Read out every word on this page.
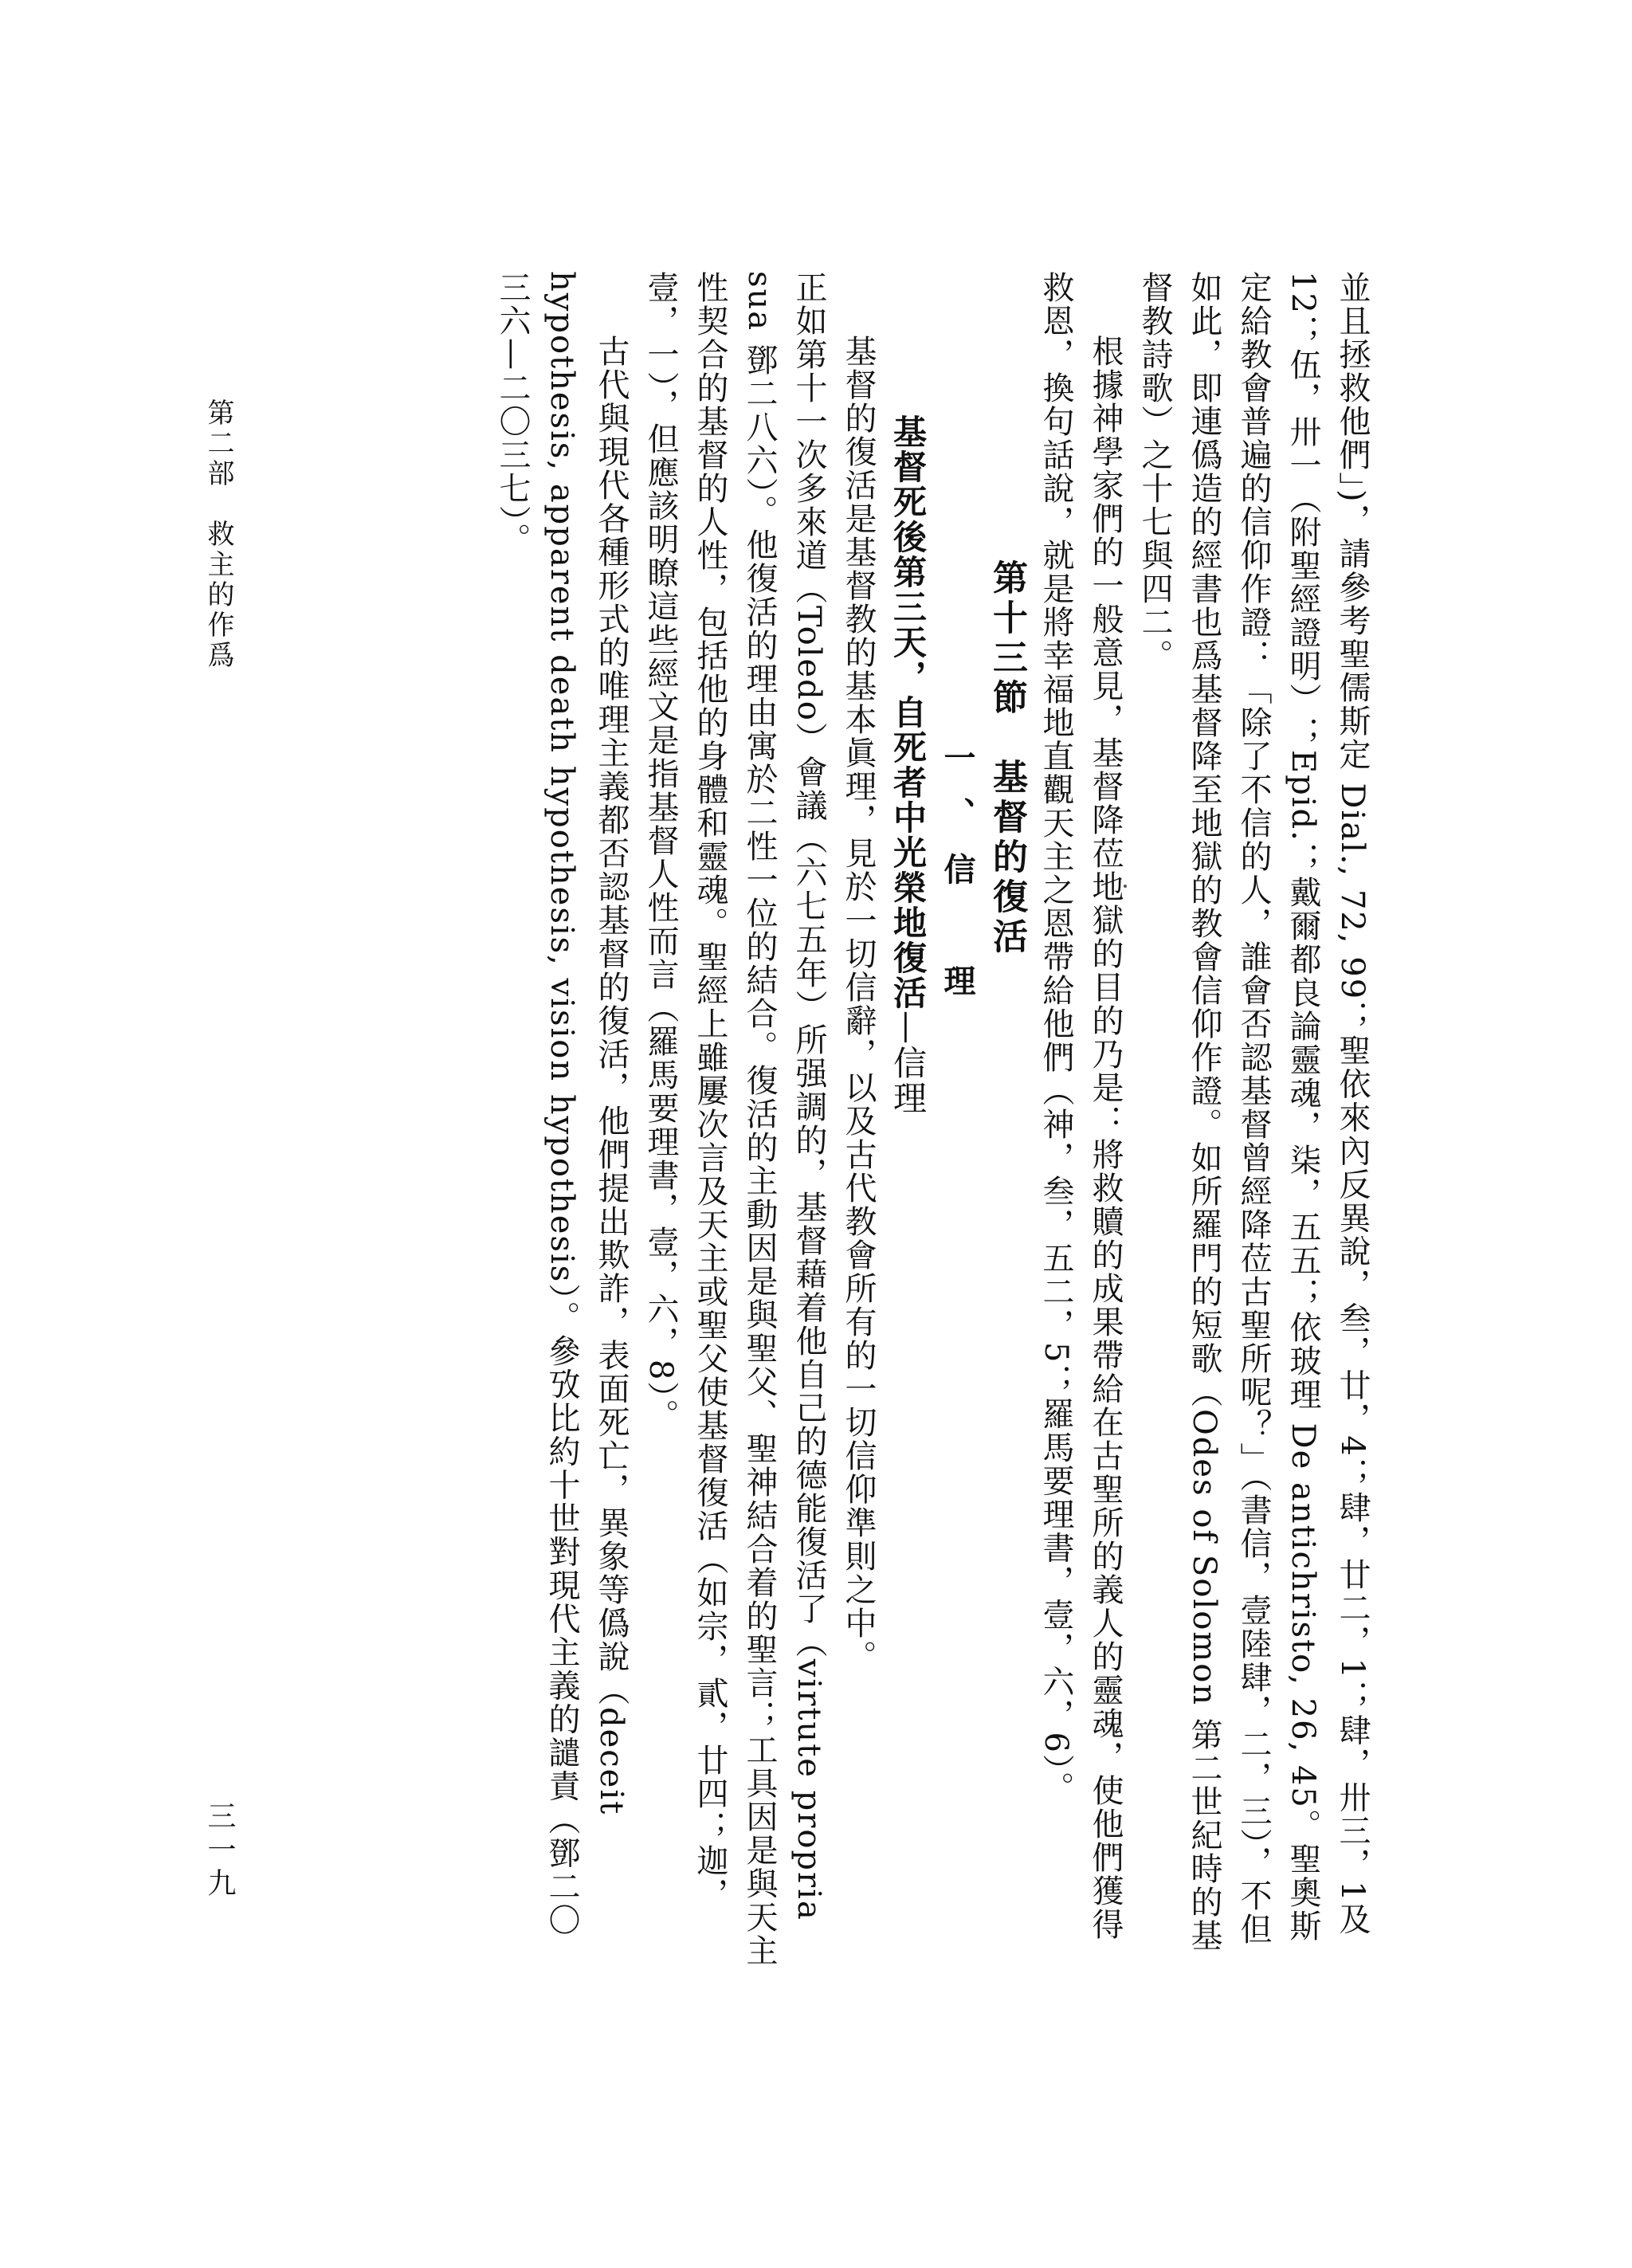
並且拯救他們」)，請參考聖儒斯定 Dial., 72, 99；聖依來內反異說，叁，廿，4；肆，廿二，1；肆，卅三，1及12；伍，卅一（附聖經證明）；Epid.；戴爾都良論靈魂，柒，五五；依玻理 De antichristo, 26, 45。聖奧斯定給教會普遍的信仰作證：「除了不信的人，誰會否認基督曾經降莅古聖所呢？」（書信，壹陸肆，二，三），不但如此，即連僞造的經書也爲基督降至地獄的教會信仰作證。如所羅門的短歌（Odes of Solomon 第二世紀時的基督教詩歌）之十七與四二。

根據神學家們的一般意見，基督降莅地獄的目的乃是：將救贖的成果帶給在古聖所的義人的靈魂，使他們獲得救恩，換句話說，就是將幸福地直觀天主之恩帶給他們（神，叁，五二，5；羅馬要理書，壹，六，6）。

第十三節　基督的復活

一、信　理

基督死後第三天，自死者中光榮地復活—信理

基督的復活是基督教的基本眞理，見於一切信辭，以及古代教會所有的一切信仰準則之中。

正如第十一次多來道（Toledo）會議（六七五年）所强調的，基督藉着他自己的德能復活了（virtute propria sua 鄧二八六）。他復活的理由寓於二性一位的結合。復活的主動因是與聖父、聖神結合着的聖言；工具因是與天主性契合的基督的人性，包括他的身體和靈魂。聖經上雖屢次言及天主或聖父使基督復活（如宗，貳，廿四；迦，壹，一），但應該明瞭這些經文是指基督人性而言（羅馬要理書，壹，六，8）。

古代與現代各種形式的唯理主義都否認基督的復活，他們提出欺詐，表面死亡，異象等僞說（deceit hypothesis, apparent death hypothesis, vision hypothesis）。參攷比約十世對現代主義的譴責（鄧二〇三六—二〇三七）。

第二部　救主的作爲
三一九
